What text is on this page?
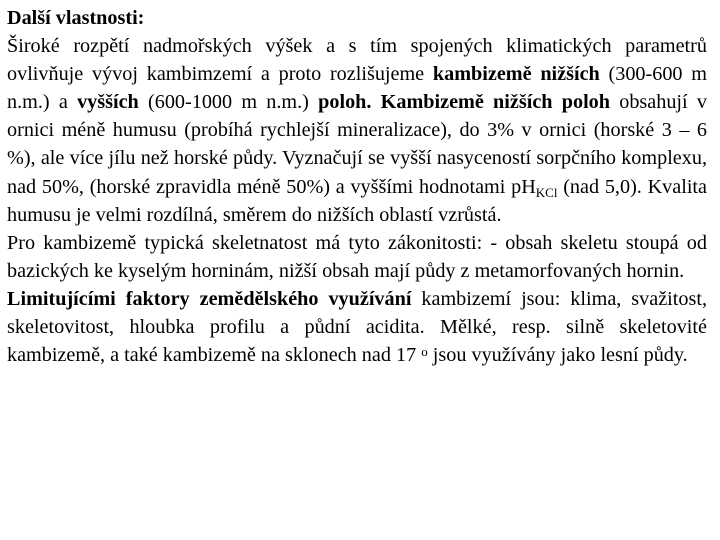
Další vlastnosti:

Široké rozpětí nadmořských výšek a s tím spojených klimatických parametrů ovlivňuje vývoj kambimzemí a proto rozlišujeme kambizemě nižších (300-600 m n.m.) a vyšších (600-1000 m n.m.) poloh. Kambizemě nižších poloh obsahují v ornici méně humusu (probíhá rychlejší mineralizace), do 3% v ornici (horské 3 – 6 %), ale více jílu než horské půdy. Vyznačují se vyšší nasyceností sorpčního komplexu, nad 50%, (horské zpravidla méně 50%) a vyššími hodnotami $pH_{KCl}$ (nad 5,0). Kvalita humusu je velmi rozdílná, směrem do nižších oblastí vzrůstá.

Pro kambizemě typická skeletnatost má tyto zákonitosti: - obsah skeletu stoupá od bazických ke kyselým horninám, nižší obsah mají půdy z metamorfovaných hornin.

Limitujícími faktory zemědělského využívání kambizemí jsou: klima, svažitost, skeletovitost, hloubka profilu a půdní acidita. Mělké, resp. silně skeletovité kambizemě, a také kambizemě na sklonech nad 17 $^o$ jsou využívány jako lesní půdy.
